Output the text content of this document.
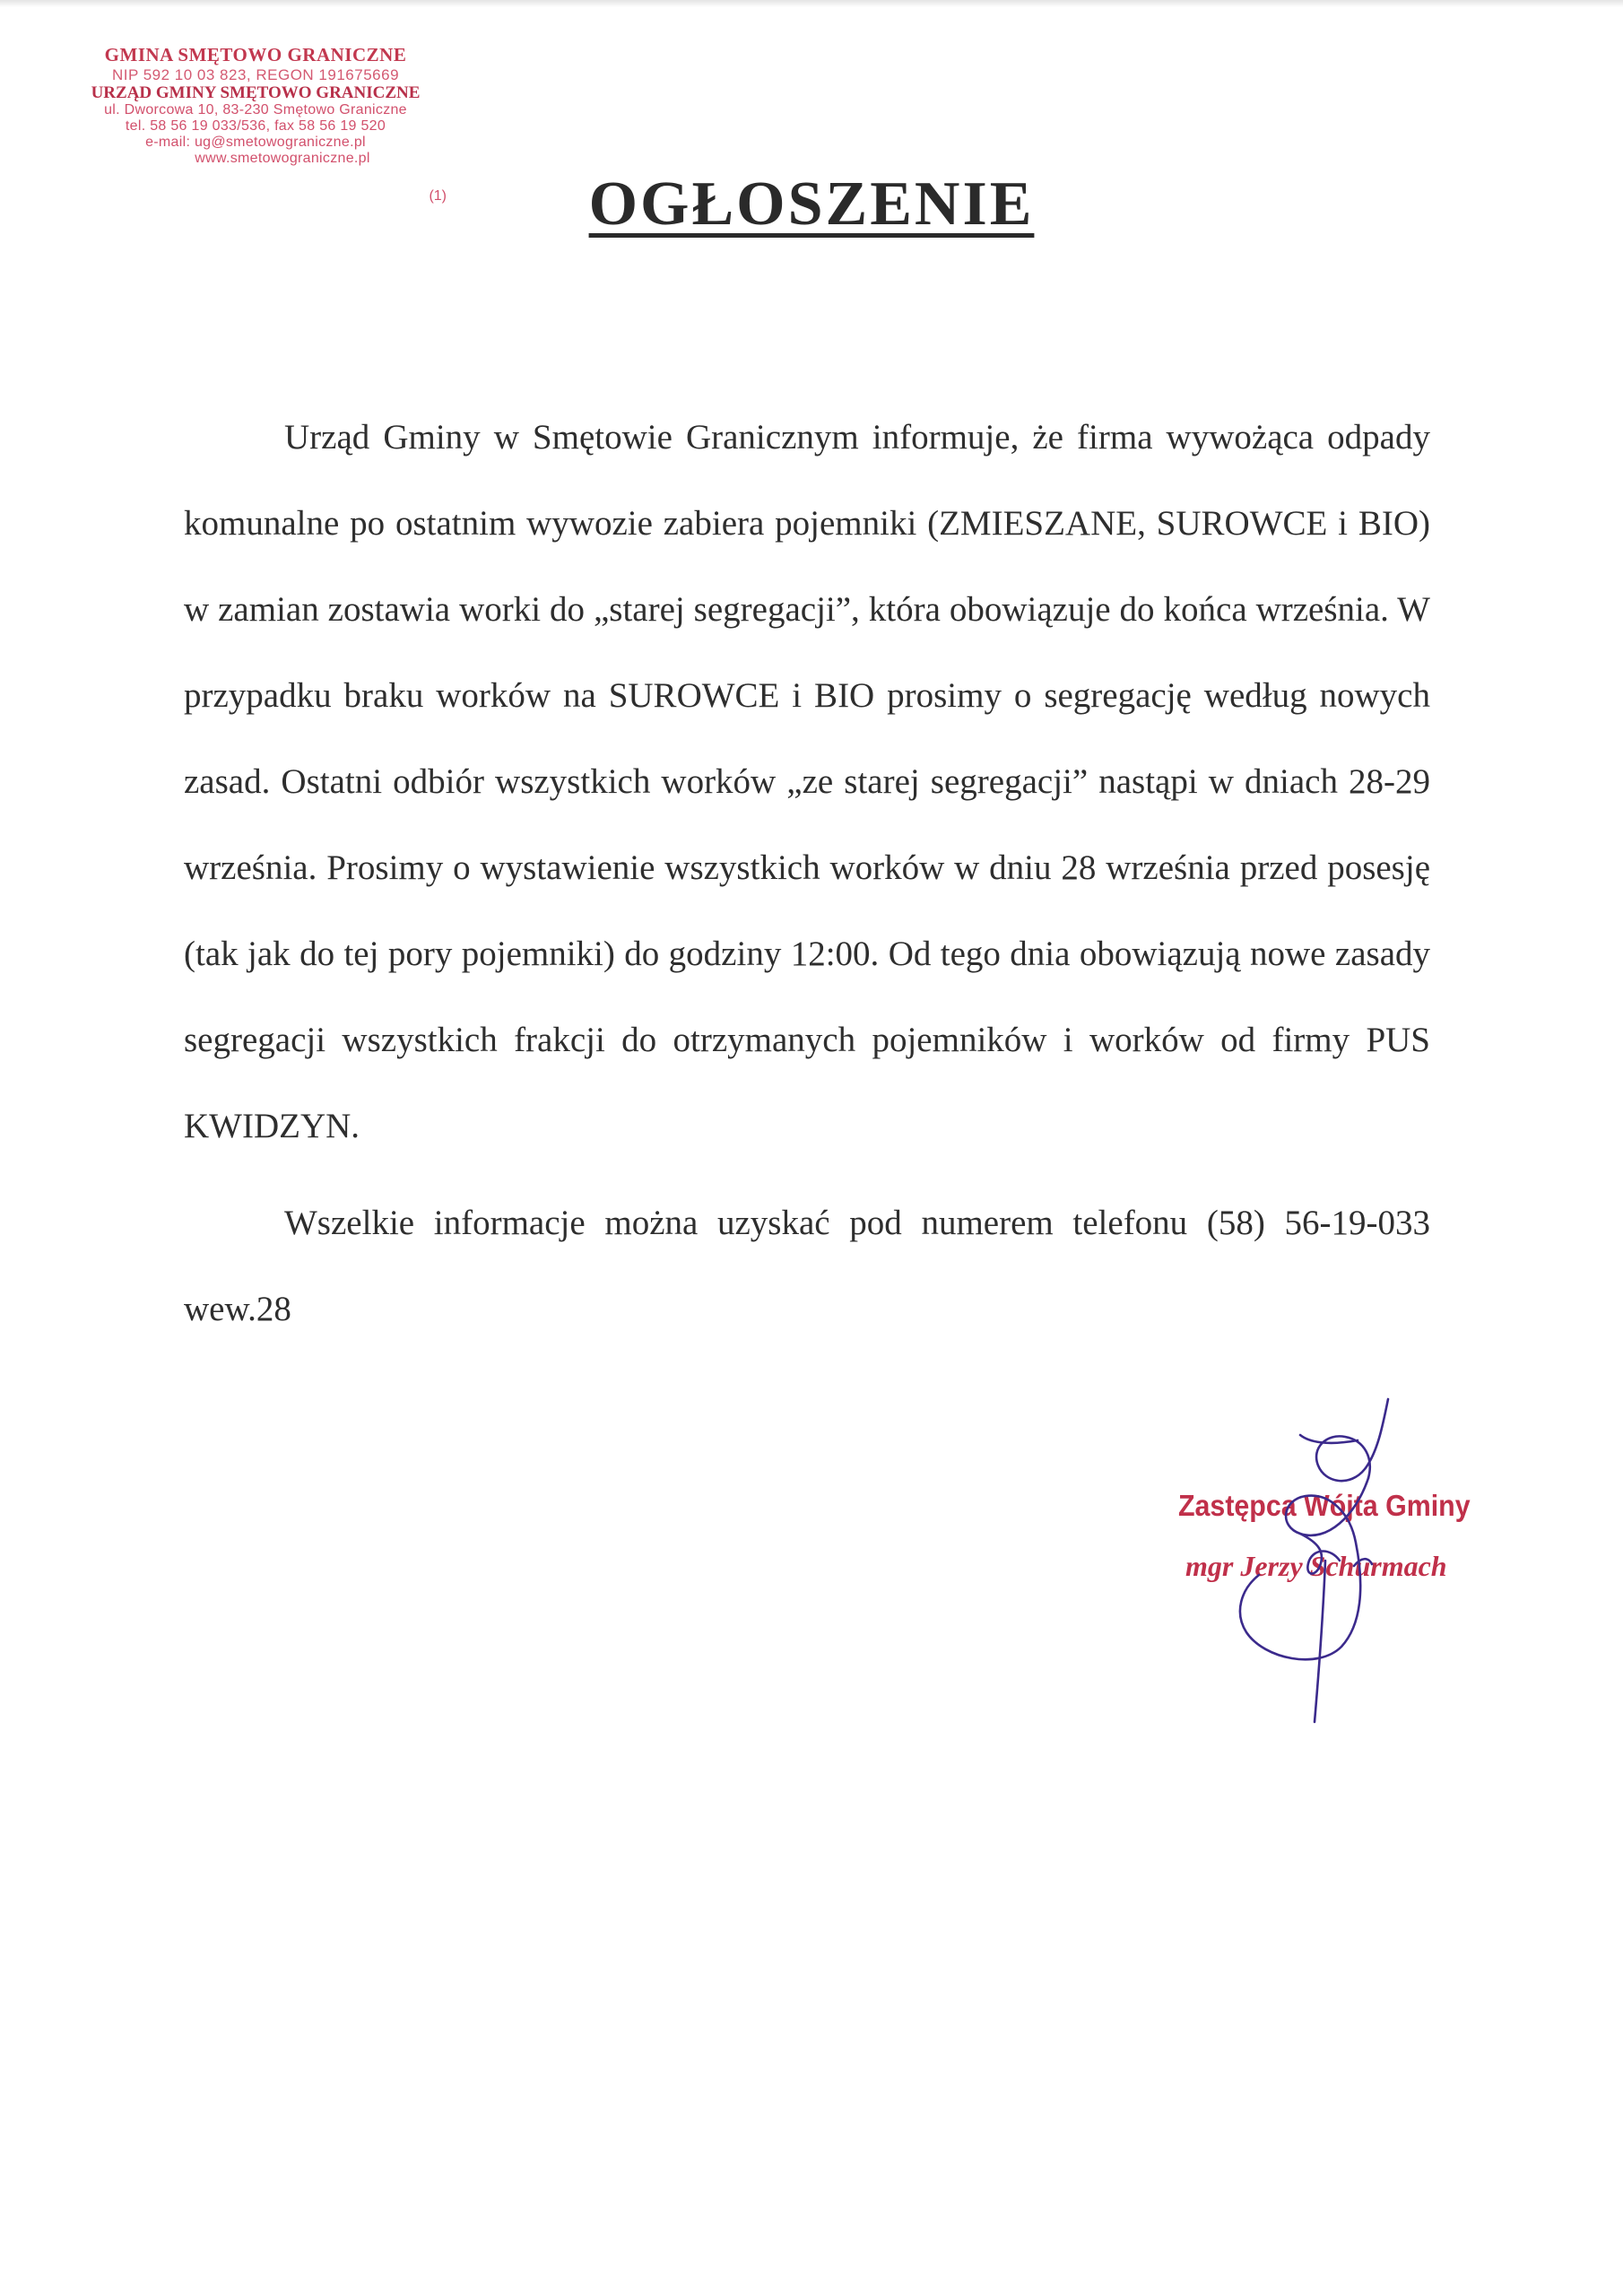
GMINA SMĘTOWO GRANICZNE
NIP 592 10 03 823, REGON 191675669
URZĄD GMINY SMĘTOWO GRANICZNE
ul. Dworcowa 10, 83-230 Smętowo Graniczne
tel. 58 56 19 033/536, fax 58 56 19 520
e-mail: ug@smetowograniczne.pl
www.smetowograniczne.pl
(1)	OGŁOSZENIE

Urząd Gminy w Smętowie Granicznym informuje, że firma wywożąca odpady komunalne po ostatnim wywozie zabiera pojemniki (ZMIESZANE, SUROWCE i BIO) w zamian zostawia worki do „starej segregacji”, która obowiązuje do końca września. W przypadku braku worków na SUROWCE i BIO prosimy o segregację według nowych zasad. Ostatni odbiór wszystkich worków „ze starej segregacji” nastąpi w dniach 28-29 września. Prosimy o wystawienie wszystkich worków w dniu 28 września przed posesję (tak jak do tej pory pojemniki) do godziny 12:00. Od tego dnia obowiązują nowe zasady segregacji wszystkich frakcji do otrzymanych pojemników i worków od firmy PUS KWIDZYN.

Wszelkie informacje można uzyskać pod numerem telefonu (58) 56-19-033 wew.28

Zastępca Wójta Gminy
mgr Jerzy Schurmach
